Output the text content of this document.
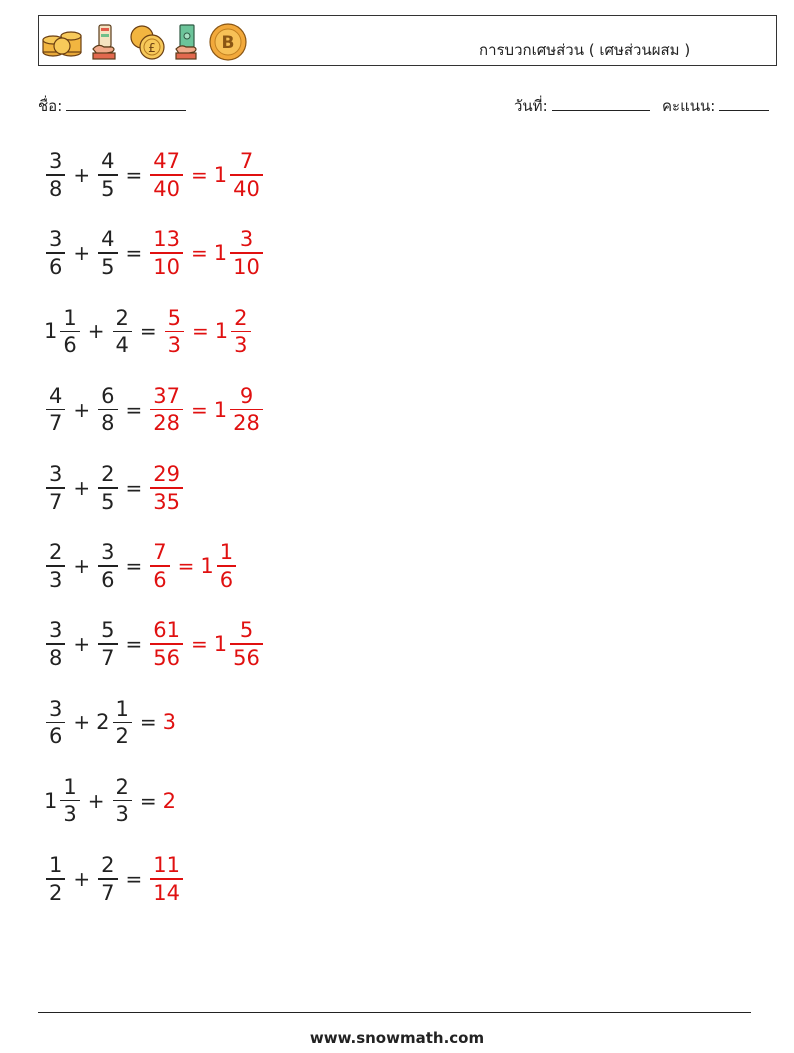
£	B	การบวกเศษส่วน ( เศษส่วนผสม )
ชื่อ:	วันที่:	คะแนน:
$\frac{3}{8} + \frac{4}{5} = \frac{47}{40} = 1 \frac{7}{40}$
$\frac{3}{6} + \frac{4}{5} = \frac{13}{10} = 1 \frac{3}{10}$
$1 \frac{1}{6} + \frac{2}{4} = \frac{5}{3} = 1 \frac{2}{3}$
$\frac{4}{7} + \frac{6}{8} = \frac{37}{28} = 1 \frac{9}{28}$
$\frac{3}{7} + \frac{2}{5} = \frac{29}{35}$
$\frac{2}{3} + \frac{3}{6} = \frac{7}{6} = 1 \frac{1}{6}$
$\frac{3}{8} + \frac{5}{7} = \frac{61}{56} = 1 \frac{5}{56}$
$\frac{3}{6} + 2 \frac{1}{2} = 3$
$1 \frac{1}{3} + \frac{2}{3} = 2$
$\frac{1}{2} + \frac{2}{7} = \frac{11}{14}$
www.snowmath.com
